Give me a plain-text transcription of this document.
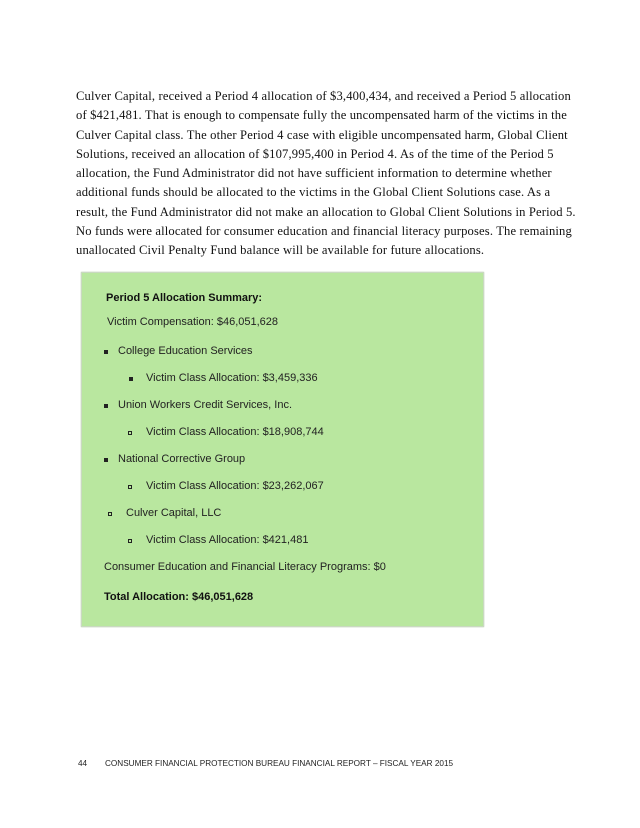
Culver Capital, received a Period 4 allocation of $3,400,434, and received a Period 5 allocation
of $421,481. That is enough to compensate fully the uncompensated harm of the victims in the
Culver Capital class. The other Period 4 case with eligible uncompensated harm, Global Client
Solutions, received an allocation of $107,995,400 in Period 4. As of the time of the Period 5
allocation, the Fund Administrator did not have sufficient information to determine whether
additional funds should be allocated to the victims in the Global Client Solutions case. As a
result, the Fund Administrator did not make an allocation to Global Client Solutions in Period 5.
No funds were allocated for consumer education and financial literacy purposes. The remaining
unallocated Civil Penalty Fund balance will be available for future allocations.
Period 5 Allocation Summary:
Victim Compensation: $46,051,628
College Education Services
Victim Class Allocation: $3,459,336
Union Workers Credit Services, Inc.
Victim Class Allocation: $18,908,744
National Corrective Group
Victim Class Allocation: $23,262,067
Culver Capital, LLC
Victim Class Allocation: $421,481
Consumer Education and Financial Literacy Programs: $0
Total Allocation: $46,051,628
44 CONSUMER FINANCIAL PROTECTION BUREAU FINANCIAL REPORT – FISCAL YEAR 2015
